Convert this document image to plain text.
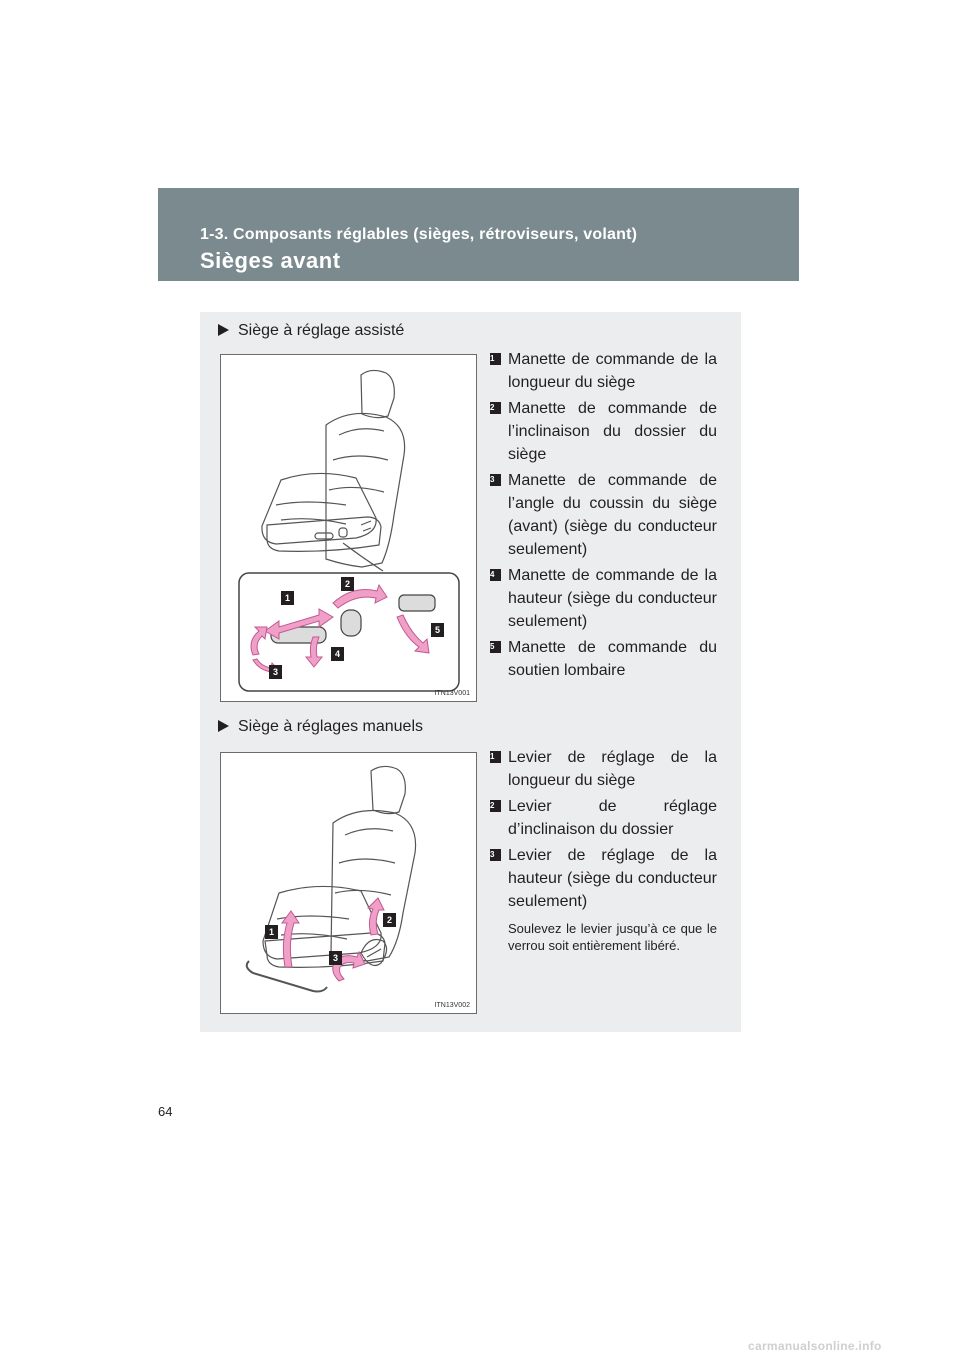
1-3. Composants réglables (sièges, rétroviseurs, volant)
Sièges avant
Siège à réglage assisté
1
2
3
4
5
ITN13V001
1 Manette de commande de la longueur du siège
2 Manette de commande de l’inclinaison du dossier du siège
3 Manette de commande de l’angle du coussin du siège (avant) (siège du conducteur seulement)
4 Manette de commande de la hauteur (siège du conducteur seulement)
5 Manette de commande du soutien lombaire
Siège à réglages manuels
1
2
3
ITN13V002
1 Levier de réglage de la longueur du siège
2 Levier de réglage d’inclinaison du dossier
3 Levier de réglage de la hauteur (siège du conducteur seulement)
Soulevez le levier jusqu’à ce que le verrou soit entièrement libéré.
64
carmanualsonline.info
